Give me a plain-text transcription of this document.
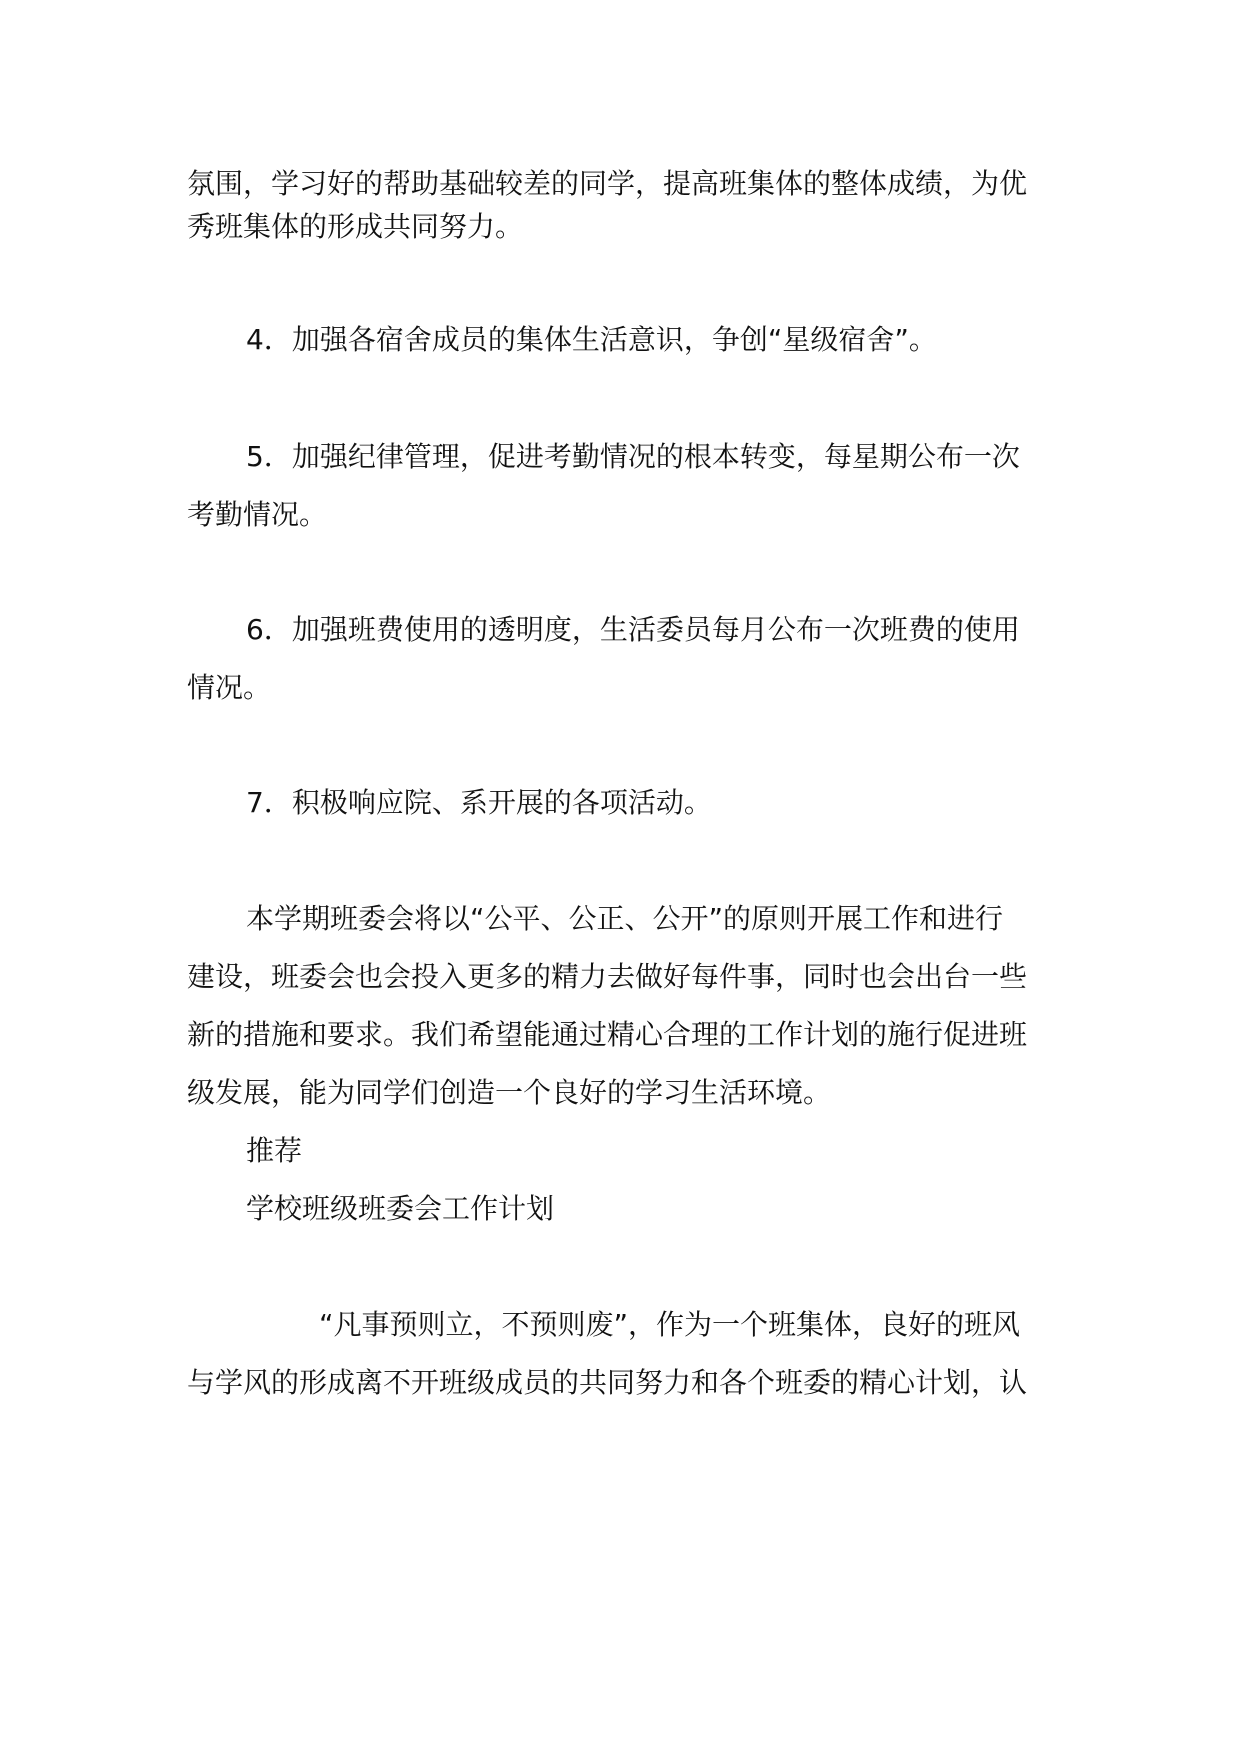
氛围，学习好的帮助基础较差的同学，提高班集体的整体成绩，为优
秀班集体的形成共同努力。
4．加强各宿舍成员的集体生活意识，争创“星级宿舍”。
5．加强纪律管理，促进考勤情况的根本转变，每星期公布一次
考勤情况。
6．加强班费使用的透明度，生活委员每月公布一次班费的使用
情况。
7．积极响应院、系开展的各项活动。
本学期班委会将以“公平、公正、公开”的原则开展工作和进行
建设，班委会也会投入更多的精力去做好每件事，同时也会出台一些
新的措施和要求。我们希望能通过精心合理的工作计划的施行促进班
级发展，能为同学们创造一个良好的学习生活环境。
推荐
学校班级班委会工作计划
“凡事预则立，不预则废”，作为一个班集体，良好的班风
与学风的形成离不开班级成员的共同努力和各个班委的精心计划，认
